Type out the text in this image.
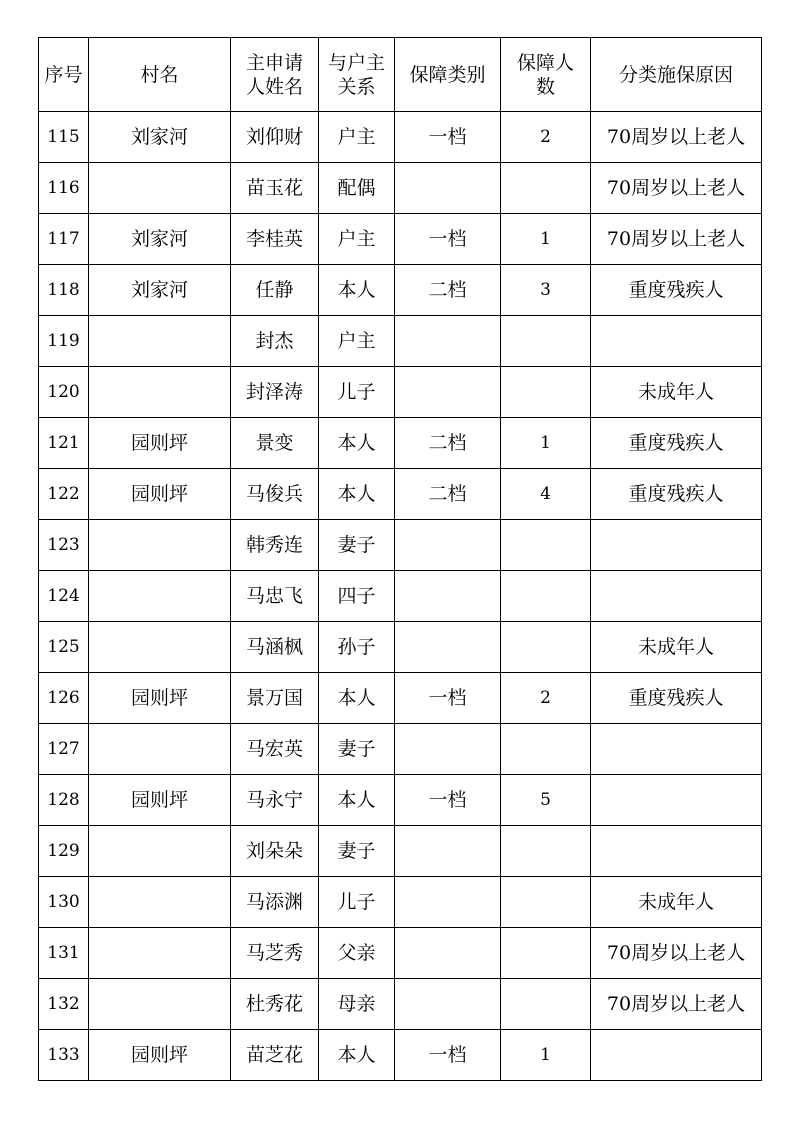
序号	村名	主申请人姓名	与户主关系	保障类别	保障人数	分类施保原因
115	刘家河	刘仰财	户主	一档	2	70周岁以上老人
116		苗玉花	配偶			70周岁以上老人
117	刘家河	李桂英	户主	一档	1	70周岁以上老人
118	刘家河	任静	本人	二档	3	重度残疾人
119		封杰	户主			
120		封泽涛	儿子			未成年人
121	园则坪	景变	本人	二档	1	重度残疾人
122	园则坪	马俊兵	本人	二档	4	重度残疾人
123		韩秀连	妻子			
124		马忠飞	四子			
125		马涵枫	孙子			未成年人
126	园则坪	景万国	本人	一档	2	重度残疾人
127		马宏英	妻子			
128	园则坪	马永宁	本人	一档	5	
129		刘朵朵	妻子			
130		马添渊	儿子			未成年人
131		马芝秀	父亲			70周岁以上老人
132		杜秀花	母亲			70周岁以上老人
133	园则坪	苗芝花	本人	一档	1	
